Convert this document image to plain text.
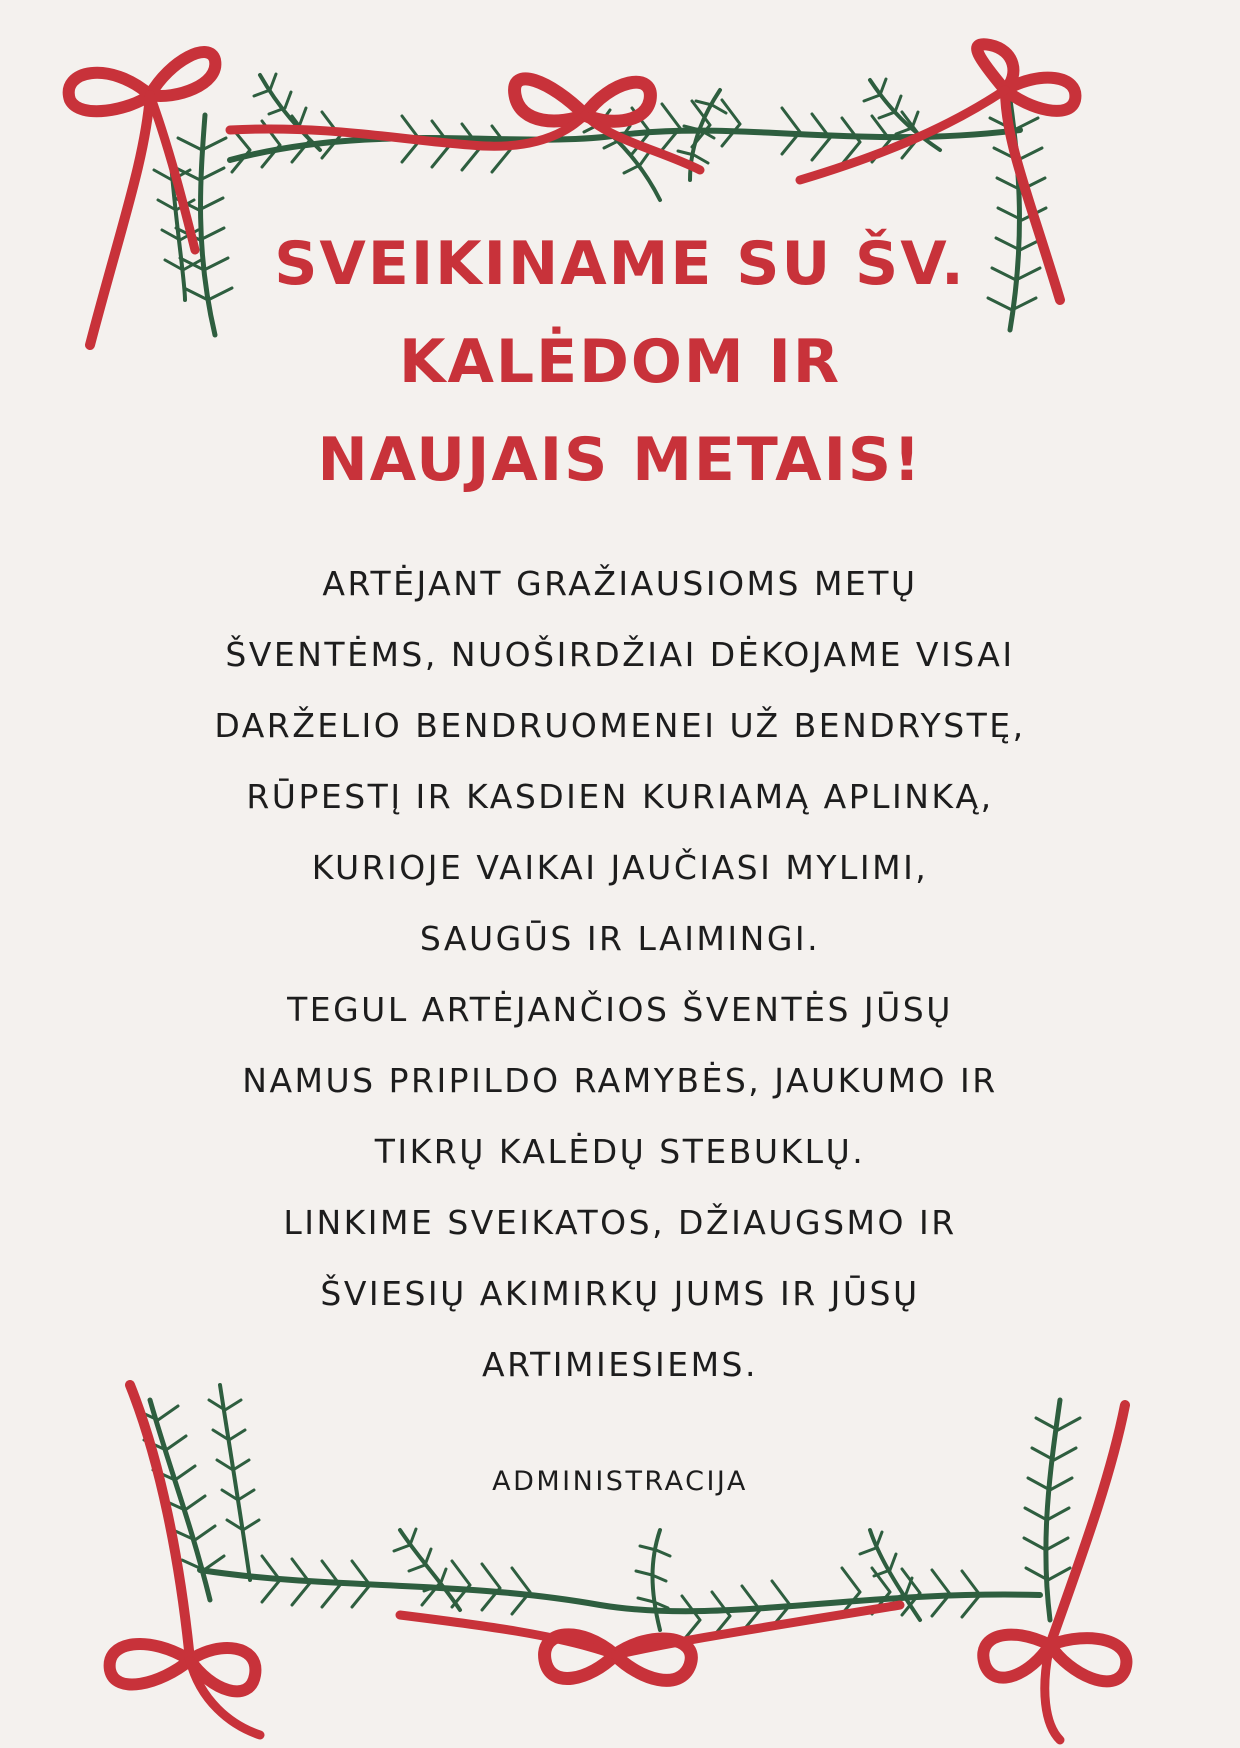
SVEIKINAME SU ŠV.
KALĖDOM IR
NAUJAIS METAIS!

ARTĖJANT GRAŽIAUSIOMS METŲ
ŠVENTĖMS, NUOŠIRDŽIAI DĖKOJAME VISAI
DARŽELIO BENDRUOMENEI UŽ BENDRYSTĘ,
RŪPESTĮ IR KASDIEN KURIAMĄ APLINKĄ,
KURIOJE VAIKAI JAUČIASI MYLIMI,
SAUGŪS IR LAIMINGI.
TEGUL ARTĖJANČIOS ŠVENTĖS JŪSŲ
NAMUS PRIPILDO RAMYBĖS, JAUKUMO IR
TIKRŲ KALĖDŲ STEBUKLŲ.
LINKIME SVEIKATOS, DŽIAUGSMO IR
ŠVIESIŲ AKIMIRKŲ JUMS IR JŪSŲ
ARTIMIESIEMS.

ADMINISTRACIJA
